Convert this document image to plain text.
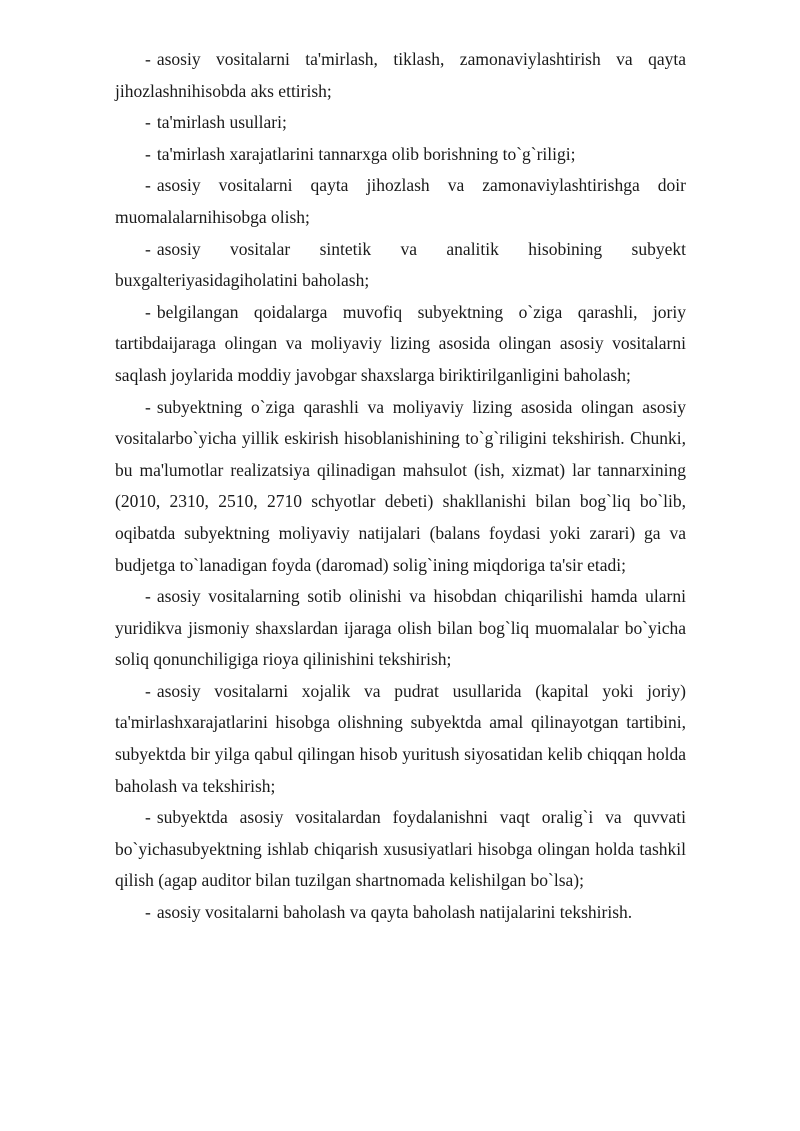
- asosiy vositalarni ta'mirlash, tiklash, zamonaviylashtirish va qayta jihozlashnihisobda aks ettirish;

- ta'mirlash usullari;

- ta'mirlash xarajatlarini tannarxga olib borishning to`g`riligi;

- asosiy vositalarni qayta jihozlash va zamonaviylashtirishga doir muomalalarnihisobga olish;

- asosiy vositalar sintetik va analitik hisobining subyekt buxgalteriyasidagiholatini baholash;

- belgilangan qoidalarga muvofiq subyektning o`ziga qarashli, joriy tartibdaijaraga olingan va moliyaviy lizing asosida olingan asosiy vositalarni saqlash joylarida moddiy javobgar shaxslarga biriktirilganligini baholash;

- subyektning o`ziga qarashli va moliyaviy lizing asosida olingan asosiy vositalarbo`yicha yillik eskirish hisoblanishining to`g`riligini tekshirish. Chunki, bu ma'lumotlar realizatsiya qilinadigan mahsulot (ish, xizmat) lar tannarxining (2010, 2310, 2510, 2710 schyotlar debeti) shakllanishi bilan bog`liq bo`lib, oqibatda subyektning moliyaviy natijalari (balans foydasi yoki zarari) ga va budjetga to`lanadigan foyda (daromad) solig`ining miqdoriga ta'sir etadi;

- asosiy vositalarning sotib olinishi va hisobdan chiqarilishi hamda ularni yuridikva jismoniy shaxslardan ijaraga olish bilan bog`liq muomalalar bo`yicha soliq qonunchiligiga rioya qilinishini tekshirish;

- asosiy vositalarni xojalik va pudrat usullarida (kapital yoki joriy) ta'mirlashxarajatlarini hisobga olishning subyektda amal qilinayotgan tartibini, subyektda bir yilga qabul qilingan hisob yuritush siyosatidan kelib chiqqan holda baholash va tekshirish;

- subyektda asosiy vositalardan foydalanishni vaqt oralig`i va quvvati bo`yichasubyektning ishlab chiqarish xususiyatlari hisobga olingan holda tashkil qilish (agap auditor bilan tuzilgan shartnomada kelishilgan bo`lsa);

- asosiy vositalarni baholash va qayta baholash natijalarini tekshirish.
